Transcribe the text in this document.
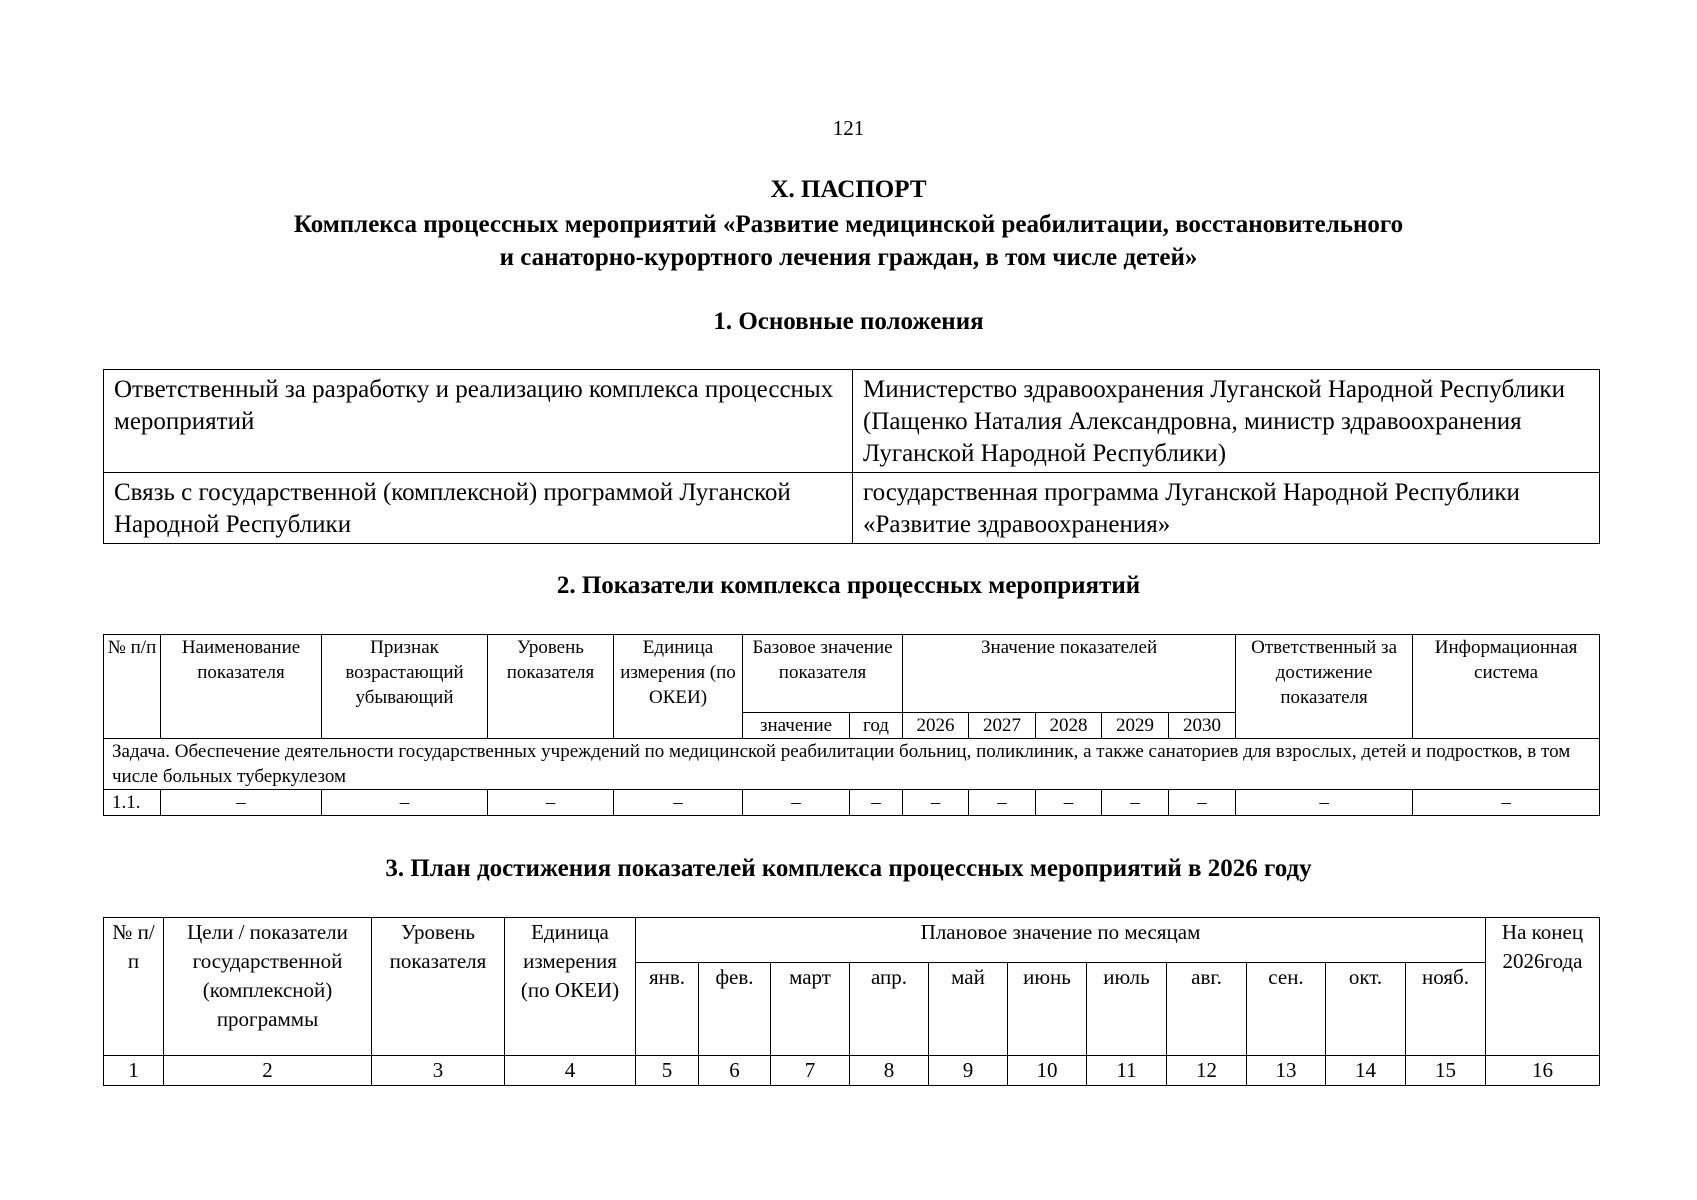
121
X. ПАСПОРТ
Комплекса процессных мероприятий «Развитие медицинской реабилитации, восстановительного
и санаторно-курортного лечения граждан, в том числе детей»
1. Основные положения
Ответственный за разработку и реализацию комплекса процессных мероприятий	Министерство здравоохранения Луганской Народной Республики (Пащенко Наталия Александровна, министр здравоохранения Луганской Народной Республики)
Связь с государственной (комплексной) программой Луганской Народной Республики	государственная программа Луганской Народной Республики «Развитие здравоохранения»
2. Показатели комплекса процессных мероприятий
№ п/п	Наименование показателя	Признак возрастающий убывающий	Уровень показателя	Единица измерения (по ОКЕИ)	Базовое значение показателя		Значение показателей					Ответственный за достижение показателя	Информационная система
					значение	год	2026	2027	2028	2029	2030		
Задача. Обеспечение деятельности государственных учреждений по медицинской реабилитации больниц, поликлиник, а также санаториев для взрослых, детей и подростков, в том числе больных туберкулезом													
1.1.	–	–	–	–	–	–	–	–	–	–	–	–	–
3. План достижения показателей комплекса процессных мероприятий в 2026 году
№ п/п	Цели / показатели государственной (комплексной) программы	Уровень показателя	Единица измерения (по ОКЕИ)	Плановое значение по месяцам											На конец 2026года
				янв.	фев.	март	апр.	май	июнь	июль	авг.	сен.	окт.	нояб.	
1	2	3	4	5	6	7	8	9	10	11	12	13	14	15	16
